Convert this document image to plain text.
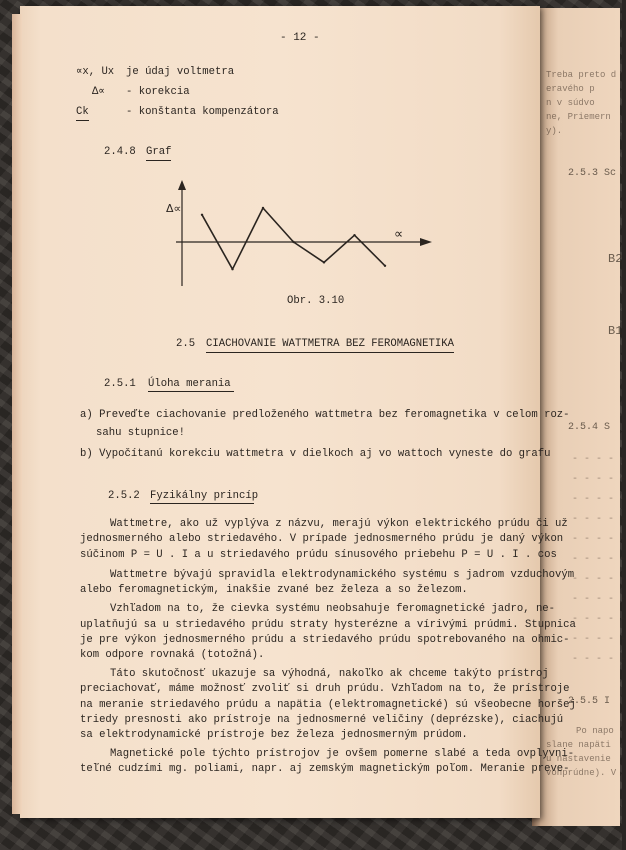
Treba preto d
eravého p
n v súdvo
ne, Priemern
y).
2.5.3 Sc
B2
B1
2.5.4 S
- - - - -
- - - - -
- - - - -
- - - - -
- - - - -
- - - - -
- - - - -
- - - - -
- - - - -
- - - - -
- - - - -
2.5.5 I
Po napo
slane napäti
u nastavenie
vonprúdne). V
- 12 -
∝x, Ux je údaj voltmetra
Δ∝ - korekcia
Ck	- konštanta kompenzátora
2.4.8 Graf
Δ∝
∝
Obr. 3.10
2.5 CIACHOVANIE WATTMETRA BEZ FEROMAGNETIKA
2.5.1 Úloha merania
a) Preveďte ciachovanie predloženého wattmetra bez feromagnetika v celom roz-
sahu stupnice!
b) Vypočítanú korekciu wattmetra v dielkoch aj vo wattoch vyneste do grafu
2.5.2 Fyzikálny princíp
Wattmetre, ako už vyplýva z názvu, merajú výkon elektrického prúdu či už
jednosmerného alebo striedavého. V prípade jednosmerného prúdu je daný výkon
súčinom P = U . I a u striedavého prúdu sínusového priebehu P = U . I . cos
Wattmetre bývajú spravidla elektrodynamického systému s jadrom vzduchovým
alebo feromagnetickým, inakšie zvané bez železa a so železom.
Vzhľadom na to, že cievka systému neobsahuje feromagnetické jadro, ne-
uplatňujú sa u striedavého prúdu straty hysterézne a vírivými prúdmi. Stupnica
je pre výkon jednosmerného prúdu a striedavého prúdu spotrebovaného na ohmic-
kom odpore rovnaká (totožná).
Táto skutočnosť ukazuje sa výhodná, nakoľko ak chceme takýto prístroj
preciachovať, máme možnosť zvoliť si druh prúdu. Vzhľadom na to, že prístroje
na meranie striedavého prúdu a napätia (elektromagnetické) sú všeobecne horšej
triedy presnosti ako prístroje na jednosmerné veličiny (deprézske), ciachujú
sa elektrodynamické prístroje bez železa jednosmerným prúdom.
Magnetické pole týchto prístrojov je ovšem pomerne slabé a teda ovplyvni-
teľné cudzími mg. poliami, napr. aj zemským magnetickým poľom. Meranie preve-
